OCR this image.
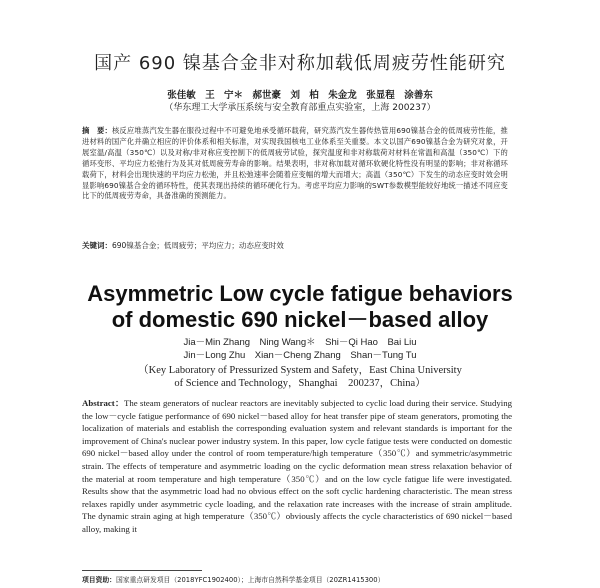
国产 690 镍基合金非对称加载低周疲劳性能研究
张佳敏　王 宁＊　郝世豪　刘 柏　朱金龙　张显程　涂善东
（华东理工大学承压系统与安全教育部重点实验室，上海 200237）
摘　要：核反应堆蒸汽发生器在服役过程中不可避免地承受循环载荷，研究蒸汽发生器传热管用690镍基合金的低周疲劳性能，推进材料的国产化并确立相应的评价体系和相关标准，对实现我国核电工业体系至关重要。本文以国产690镍基合金为研究对象，开展室温/高温（350℃）以及对称/非对称应变控制下的低周疲劳试验，探究温度和非对称载荷对材料在常温和高温（350℃）下的循环变形、平均应力松弛行为及其对低周疲劳寿命的影响。结果表明，非对称加载对循环软硬化特性没有明显的影响；非对称循环载荷下，材料会出现快速的平均应力松弛，并且松弛速率会随着应变幅的增大而增大；高温（350℃）下发生的动态应变时效会明显影响690镍基合金的循环特性，使其表现出持续的循环硬化行为。考虑平均应力影响的SWT参数模型能较好地统一描述不同应变比下的低周疲劳寿命，具备准确的预测能力。
关键词：690镍基合金；低周疲劳；平均应力；动态应变时效
Asymmetric Low cycle fatigue behaviors
of domestic 690 nickel－based alloy
Jia－Min Zhang　Ning Wang＊　Shi－Qi Hao　Bai Liu
Jin－Long Zhu　Xian－Cheng Zhang　Shan－Tung Tu
（Key Laboratory of Pressurized System and Safety，East China University
of Science and Technology，Shanghai　200237，China）
Abstract：The steam generators of nuclear reactors are inevitably subjected to cyclic load during their service. Studying the low－cycle fatigue performance of 690 nickel－based alloy for heat transfer pipe of steam generators, promoting the localization of materials and establish the corresponding evaluation system and relevant standards is important for the improvement of China's nuclear power industry system. In this paper, low cycle fatigue tests were conducted on domestic 690 nickel－based alloy under the control of room temperature/high temperature（350℃）and symmetric/asymmetric strain. The effects of temperature and asymmetric loading on the cyclic deformation mean stress relaxation behavior of the material at room temperature and high temperature（350℃）and on the low cycle fatigue life were investigated. Results show that the asymmetric load had no obvious effect on the soft cyclic hardening characteristic. The mean stress relaxes rapidly under asymmetric cycle loading, and the relaxation rate increases with the increase of strain amplitude. The dynamic strain aging at high temperature（350℃）obviously affects the cycle characteristics of 690 nickel－based alloy, making it
项目资助：国家重点研发项目（2018YFC1902400）；上海市自然科学基金项目（20ZR1415300）
